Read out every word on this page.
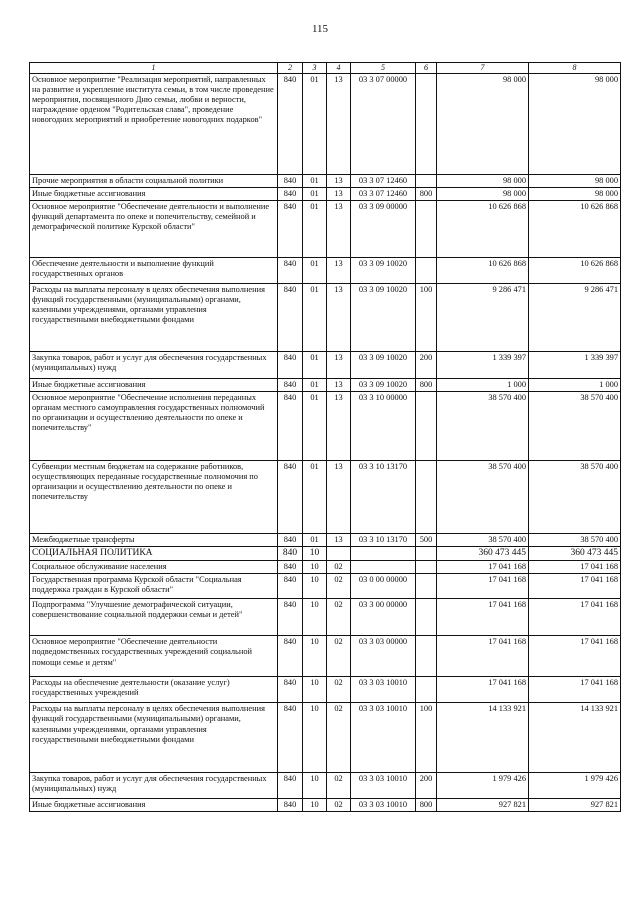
115
1	2	3	4	5	6	7	8
Основное мероприятие "Реализация мероприятий, направленных на развитие и укрепление института семьи, в том числе проведение мероприятия, посвященного Дню семьи, любви и верности, награждение орденом "Родительская слава", проведение новогодних мероприятий и приобретение новогодних подарков"	840	01	13	03 3 07 00000		98 000	98 000
Прочие мероприятия в области социальной политики	840	01	13	03 3 07 12460		98 000	98 000
Иные бюджетные ассигнования	840	01	13	03 3 07 12460	800	98 000	98 000
Основное мероприятие "Обеспечение деятельности и выполнение функций департамента по опеке и попечительству, семейной и демографической политике Курской области"	840	01	13	03 3 09 00000		10 626 868	10 626 868
Обеспечение деятельности и выполнение функций государственных органов	840	01	13	03 3 09 10020		10 626 868	10 626 868
Расходы на выплаты персоналу в целях обеспечения выполнения функций государственными (муниципальными) органами, казенными учреждениями, органами управления государственными внебюджетными фондами	840	01	13	03 3 09 10020	100	9 286 471	9 286 471
Закупка товаров, работ и услуг для обеспечения государственных (муниципальных) нужд	840	01	13	03 3 09 10020	200	1 339 397	1 339 397
Иные бюджетные ассигнования	840	01	13	03 3 09 10020	800	1 000	1 000
Основное мероприятие "Обеспечение исполнения переданных органам местного самоуправления государственных полномочий по организации и осуществлению деятельности по опеке и попечительству"	840	01	13	03 3 10 00000		38 570 400	38 570 400
Субвенции местным бюджетам на содержание работников, осуществляющих переданные государственные полномочия по организации и осуществлению деятельности по опеке и попечительству	840	01	13	03 3 10 13170		38 570 400	38 570 400
Межбюджетные трансферты	840	01	13	03 3 10 13170	500	38 570 400	38 570 400
СОЦИАЛЬНАЯ ПОЛИТИКА	840	10				360 473 445	360 473 445
Социальное обслуживание населения	840	10	02			17 041 168	17 041 168
Государственная программа Курской области "Социальная поддержка граждан в Курской области"	840	10	02	03 0 00 00000		17 041 168	17 041 168
Подпрограмма "Улучшение демографической ситуации, совершенствование социальной поддержки семьи и детей"	840	10	02	03 3 00 00000		17 041 168	17 041 168
Основное мероприятие "Обеспечение деятельности подведомственных государственных учреждений социальной помощи семье и детям"	840	10	02	03 3 03 00000		17 041 168	17 041 168
Расходы на обеспечение деятельности (оказание услуг) государственных учреждений	840	10	02	03 3 03 10010		17 041 168	17 041 168
Расходы на выплаты персоналу в целях обеспечения выполнения функций государственными (муниципальными) органами, казенными учреждениями, органами управления государственными внебюджетными фондами	840	10	02	03 3 03 10010	100	14 133 921	14 133 921
Закупка товаров, работ и услуг для обеспечения государственных (муниципальных) нужд	840	10	02	03 3 03 10010	200	1 979 426	1 979 426
Иные бюджетные ассигнования	840	10	02	03 3 03 10010	800	927 821	927 821
